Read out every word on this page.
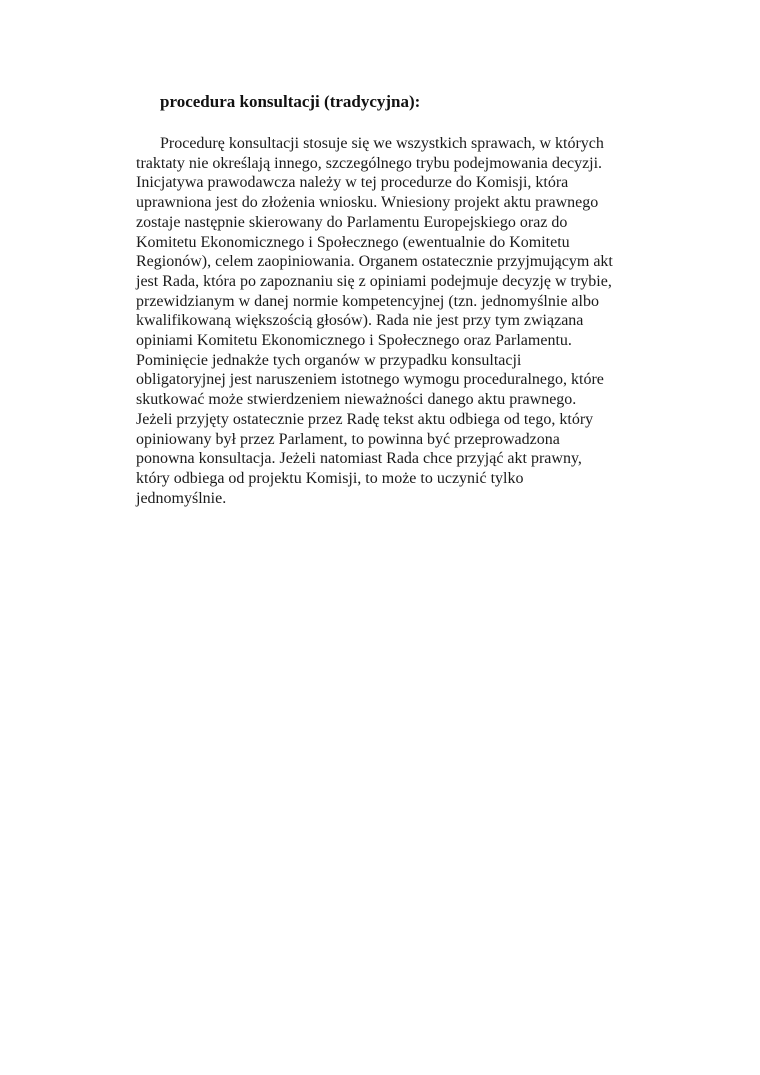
procedura konsultacji (tradycyjna):
Procedurę konsultacji stosuje się we wszystkich sprawach, w których
traktaty nie określają innego, szczególnego trybu podejmowania decyzji.
Inicjatywa prawodawcza należy w tej procedurze do Komisji, która
uprawniona jest do złożenia wniosku. Wniesiony projekt aktu prawnego
zostaje następnie skierowany do Parlamentu Europejskiego oraz do
Komitetu Ekonomicznego i Społecznego (ewentualnie do Komitetu
Regionów), celem zaopiniowania. Organem ostatecznie przyjmującym akt
jest Rada, która po zapoznaniu się z opiniami podejmuje decyzję w trybie,
przewidzianym w danej normie kompetencyjnej (tzn. jednomyślnie albo
kwalifikowaną większością głosów). Rada nie jest przy tym związana
opiniami Komitetu Ekonomicznego i Społecznego oraz Parlamentu.
Pominięcie jednakże tych organów w przypadku konsultacji
obligatoryjnej jest naruszeniem istotnego wymogu proceduralnego, które
skutkować może stwierdzeniem nieważności danego aktu prawnego.
Jeżeli przyjęty ostatecznie przez Radę tekst aktu odbiega od tego, który
opiniowany był przez Parlament, to powinna być przeprowadzona
ponowna konsultacja. Jeżeli natomiast Rada chce przyjąć akt prawny,
który odbiega od projektu Komisji, to może to uczynić tylko
jednomyślnie.
